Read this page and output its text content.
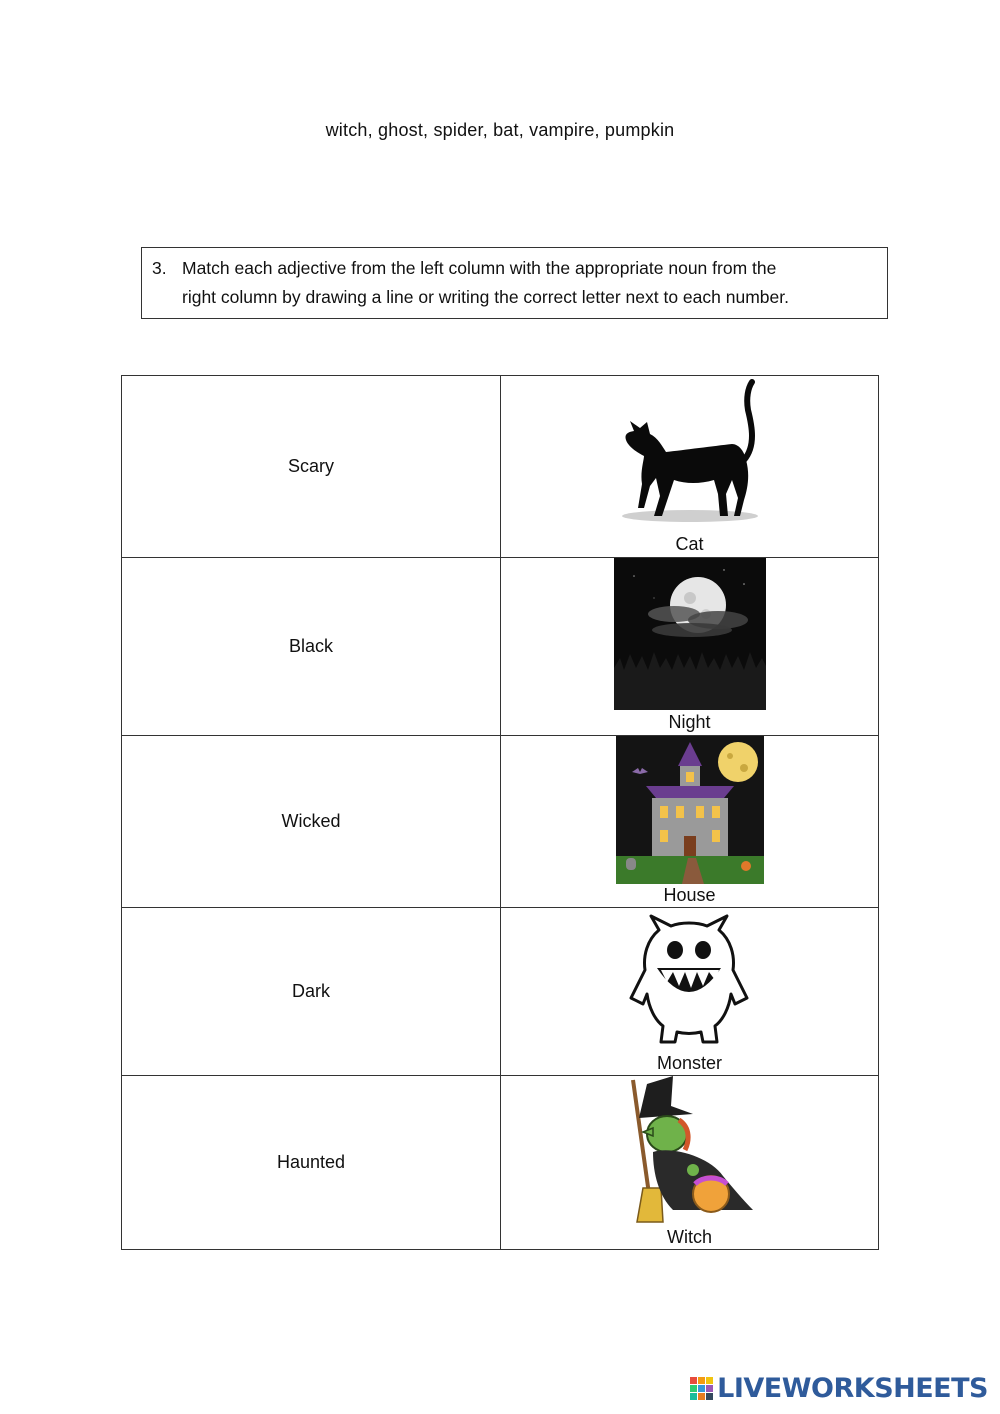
witch, ghost, spider, bat, vampire, pumpkin
3. Match each adjective from the left column with the appropriate noun from the
right column by drawing a line or writing the correct letter next to each number.
Scary	Cat

Black	Night

Wicked	House

Dark	Monster

Haunted	Witch
LIVEWORKSHEETS
